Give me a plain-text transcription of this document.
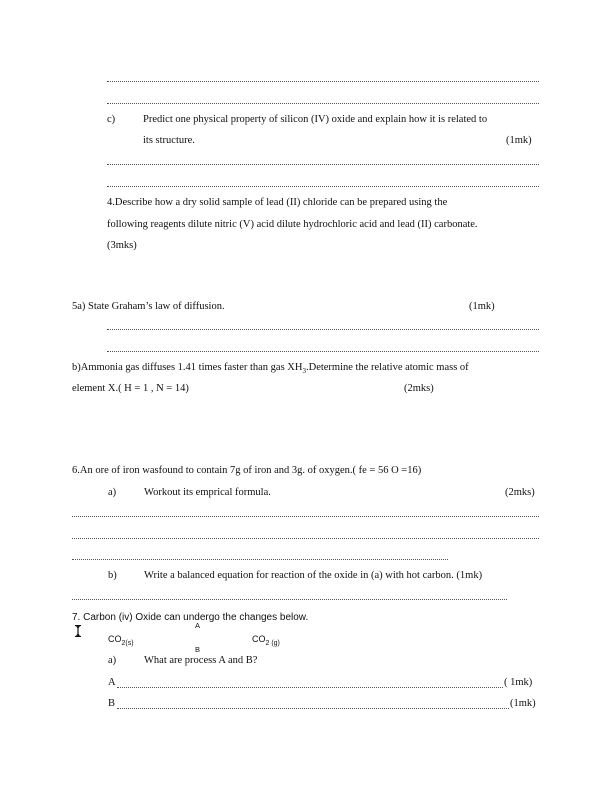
c)	Predict one physical property of silicon (IV) oxide and explain how it is related to
its structure.	(1mk)
4.Describe how a dry solid sample of lead (II) chloride can be prepared using the
following reagents dilute nitric (V) acid dilute hydrochloric acid and lead (II) carbonate.
(3mks)
5a) State Graham’s law of diffusion.	(1mk)
b)Ammonia gas diffuses 1.41 times faster than gas $XH_3.Determine$ the relative atomic mass of
element X.( H = 1 , N = 14)	(2mks)
6.An ore of iron wasfound to contain 7g of iron and 3g. of oxygen.( fe = 56 O =16)
a)	Workout its emprical formula.	(2mks)
b)	Write a balanced equation for reaction of the oxide in (a) with hot carbon. (1mk)
7. Carbon (iv) Oxide can undergo the changes below.
A
$CO_{2(s)}$	$CO_{2 (g)}$
B
a)	What are process A and B?
A	( 1mk)
B	(1mk)
